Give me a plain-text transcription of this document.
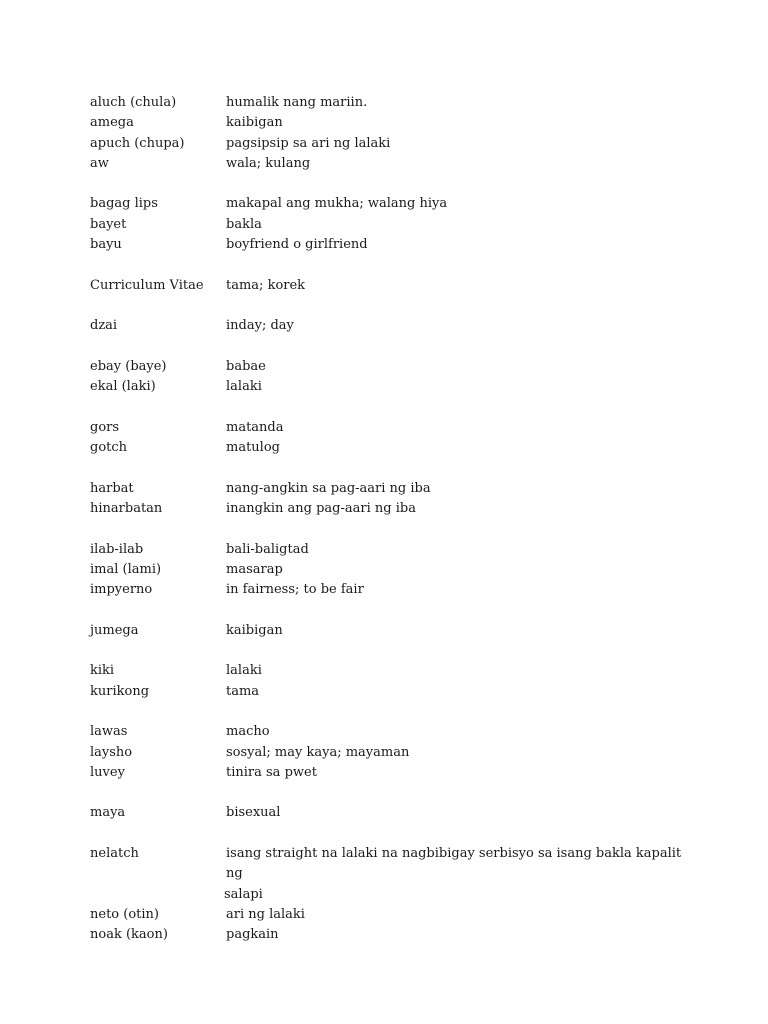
aluch (chula)	humalik nang mariin.
amega	kaibigan
apuch (chupa)	pagsipsip sa ari ng lalaki
aw	wala; kulang
bagag lips	makapal ang mukha; walang hiya
bayet	bakla
bayu	boyfriend o girlfriend
Curriculum Vitae	tama; korek
dzai	inday; day
ebay (baye)	babae
ekal (laki)	lalaki
gors	matanda
gotch	matulog
harbat	nang-angkin sa pag-aari ng iba
hinarbatan	inangkin ang pag-aari ng iba
ilab-ilab	bali-baligtad
imal (lami)	masarap
impyerno	in fairness; to be fair
jumega	kaibigan
kiki	lalaki
kurikong	tama
lawas	macho
laysho	sosyal; may kaya; mayaman
luvey	tinira sa pwet
maya	bisexual
nelatch	isang straight na lalaki na nagbibigay serbisyo sa isang bakla kapalit ng
salapi
neto (otin)	ari ng lalaki
noak (kaon)	pagkain
